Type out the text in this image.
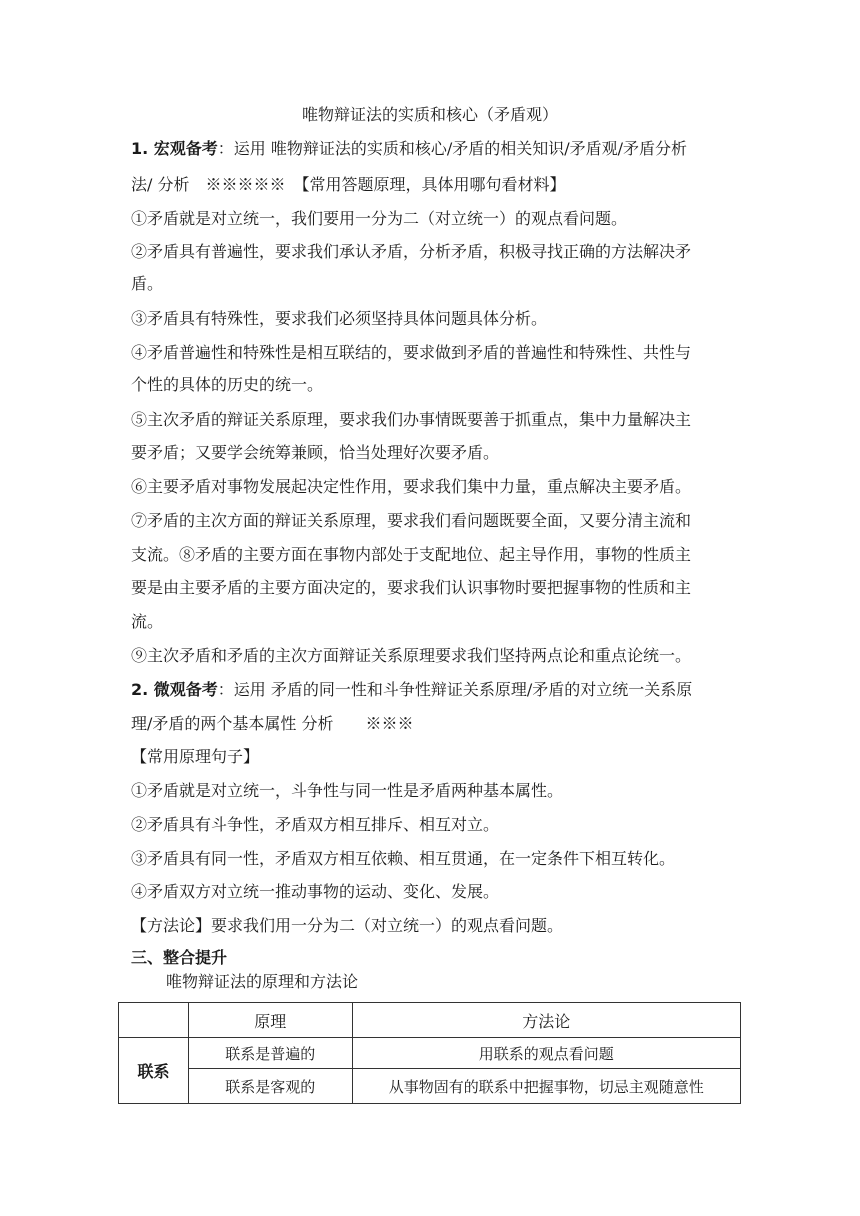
唯物辩证法的实质和核心（矛盾观）
1. 宏观备考：运用 唯物辩证法的实质和核心/矛盾的相关知识/矛盾观/矛盾分析
法/ 分析　※※※※※　【常用答题原理，具体用哪句看材料】
①矛盾就是对立统一，我们要用一分为二（对立统一）的观点看问题。
②矛盾具有普遍性，要求我们承认矛盾，分析矛盾，积极寻找正确的方法解决矛
盾。
③矛盾具有特殊性，要求我们必须坚持具体问题具体分析。
④矛盾普遍性和特殊性是相互联结的，要求做到矛盾的普遍性和特殊性、共性与
个性的具体的历史的统一。
⑤主次矛盾的辩证关系原理，要求我们办事情既要善于抓重点，集中力量解决主
要矛盾；又要学会统筹兼顾，恰当处理好次要矛盾。
⑥主要矛盾对事物发展起决定性作用，要求我们集中力量，重点解决主要矛盾。
⑦矛盾的主次方面的辩证关系原理，要求我们看问题既要全面，又要分清主流和
支流。⑧矛盾的主要方面在事物内部处于支配地位、起主导作用，事物的性质主
要是由主要矛盾的主要方面决定的，要求我们认识事物时要把握事物的性质和主
流。
⑨主次矛盾和矛盾的主次方面辩证关系原理要求我们坚持两点论和重点论统一。
2. 微观备考：运用 矛盾的同一性和斗争性辩证关系原理/矛盾的对立统一关系原
理/矛盾的两个基本属性 分析　　※※※
【常用原理句子】
①矛盾就是对立统一，斗争性与同一性是矛盾两种基本属性。
②矛盾具有斗争性，矛盾双方相互排斥、相互对立。
③矛盾具有同一性，矛盾双方相互依赖、相互贯通，在一定条件下相互转化。
④矛盾双方对立统一推动事物的运动、变化、发展。
【方法论】要求我们用一分为二（对立统一）的观点看问题。
三、整合提升
唯物辩证法的原理和方法论
	原理	方法论
联系	联系是普遍的	用联系的观点看问题
	联系是客观的	从事物固有的联系中把握事物，切忌主观随意性
